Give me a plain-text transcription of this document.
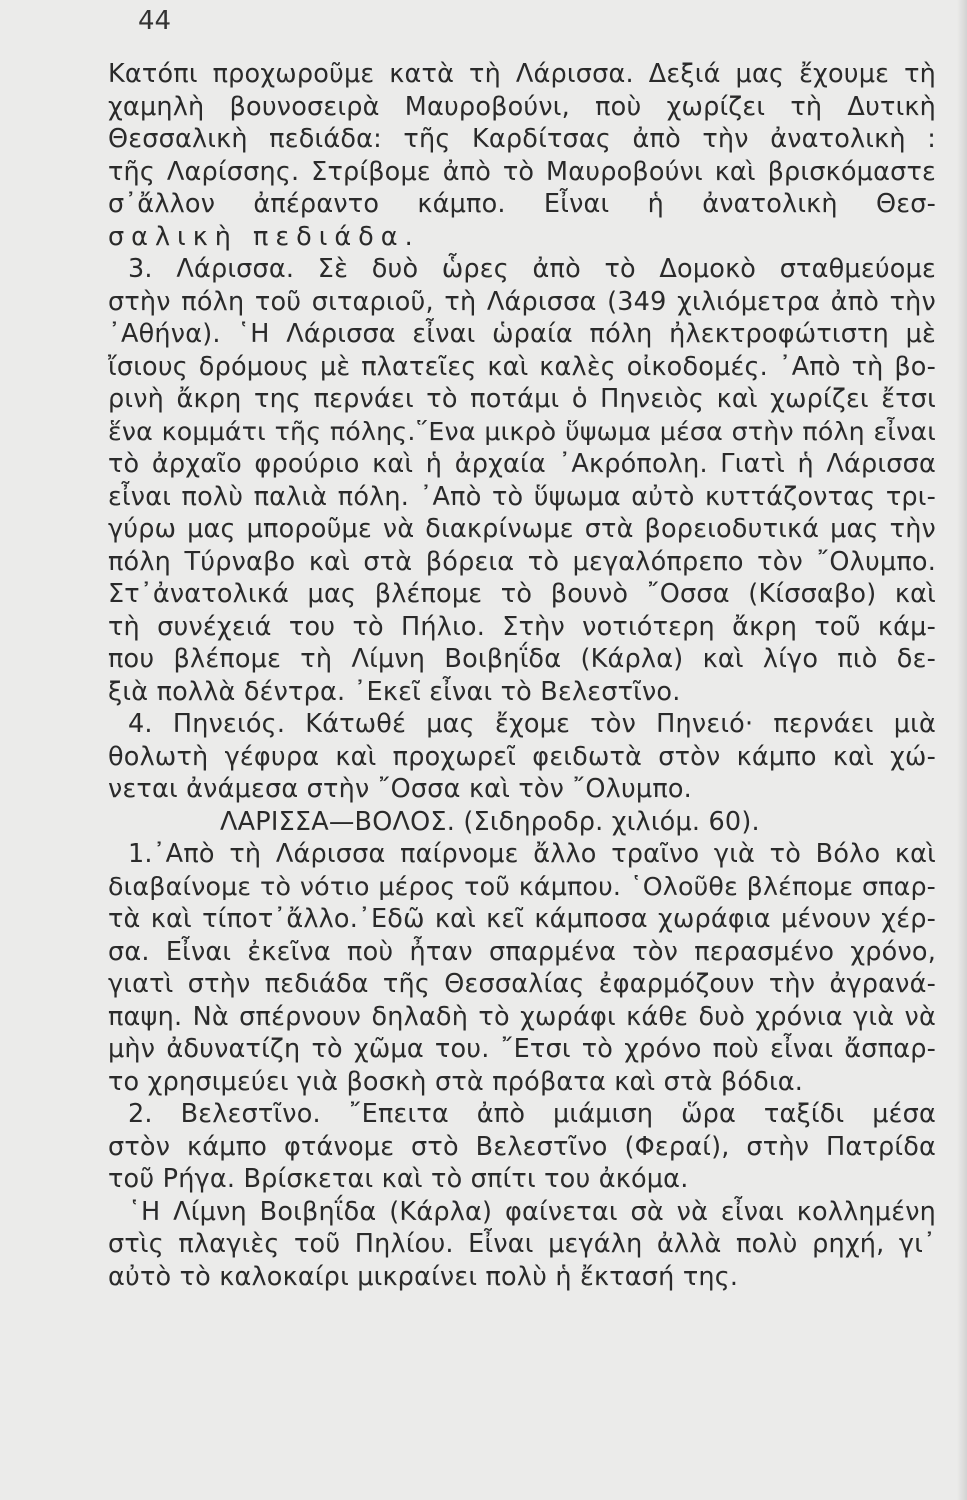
44
Κατόπι προχωροῦμε κατὰ τὴ Λάρισσα. Δεξιά μας ἔχουμε τὴ
χαμηλὴ βουνοσειρὰ Μαυροβούνι, ποὺ χωρίζει τὴ Δυτικὴ
Θεσσαλικὴ πεδιάδα: τῆς Καρδίτσας ἀπὸ τὴν ἀνατολικὴ :
τῆς Λαρίσσης. Στρίβομε ἀπὸ τὸ Μαυροβούνι καὶ βρισκόμαστε
σ᾽ἄλλον ἀπέραντο κάμπο. Εἶναι ἡ ἀνατολικὴ Θεσ-
σαλικὴ πεδιάδα.
3. Λάρισσα. Σὲ δυὸ ὧρες ἀπὸ τὸ Δομοκὸ σταθμεύομε
στὴν πόλη τοῦ σιταριοῦ, τὴ Λάρισσα (349 χιλιόμετρα ἀπὸ τὴν
᾽Αθήνα). ῾Η Λάρισσα εἶναι ὡραία πόλη ἠλεκτροφώτιστη μὲ
ἴσιους δρόμους μὲ πλατεῖες καὶ καλὲς οἰκοδομές. ᾽Απὸ τὴ βο-
ρινὴ ἄκρη της περνάει τὸ ποτάμι ὁ Πηνειὸς καὶ χωρίζει ἔτσι
ἕνα κομμάτι τῆς πόλης.῞Ενα μικρὸ ὕψωμα μέσα στὴν πόλη εἶναι
τὸ ἀρχαῖο φρούριο καὶ ἡ ἀρχαία ᾽Ακρόπολη. Γιατὶ ἡ Λάρισσα
εἶναι πολὺ παλιὰ πόλη. ᾽Απὸ τὸ ὕψωμα αὐτὸ κυττάζοντας τρι-
γύρω μας μποροῦμε νὰ διακρίνωμε στὰ βορειοδυτικά μας τὴν
πόλη Τύρναβο καὶ στὰ βόρεια τὸ μεγαλόπρεπο τὸν ῎Ολυμπο.
Στ᾽ἀνατολικά μας βλέπομε τὸ βουνὸ ῎Οσσα (Κίσσαβο) καὶ
τὴ συνέχειά του τὸ Πήλιο. Στὴν νοτιότερη ἄκρη τοῦ κάμ-
που βλέπομε τὴ Λίμνη Βοιβηΐδα (Κάρλα) καὶ λίγο πιὸ δε-
ξιὰ πολλὰ δέντρα. ᾽Εκεῖ εἶναι τὸ Βελεστῖνο.
4. Πηνειός. Κάτωθέ μας ἔχομε τὸν Πηνειό· περνάει μιὰ
θολωτὴ γέφυρα καὶ προχωρεῖ φειδωτὰ στὸν κάμπο καὶ χώ-
νεται ἀνάμεσα στὴν ῎Οσσα καὶ τὸν ῎Ολυμπο.
ΛΑΡΙΣΣΑ—ΒΟΛΟΣ. (Σιδηροδρ. χιλιόμ. 60).
1.᾽Απὸ τὴ Λάρισσα παίρνομε ἄλλο τραῖνο γιὰ τὸ Βόλο καὶ
διαβαίνομε τὸ νότιο μέρος τοῦ κάμπου. ῾Ολοῦθε βλέπομε σπαρ-
τὰ καὶ τίποτ᾽ἄλλο.᾽Εδῶ καὶ κεῖ κάμποσα χωράφια μένουν χέρ-
σα. Εἶναι ἐκεῖνα ποὺ ἦταν σπαρμένα τὸν περασμένο χρόνο,
γιατὶ στὴν πεδιάδα τῆς Θεσσαλίας ἐφαρμόζουν τὴν ἀγρανά-
παψη. Νὰ σπέρνουν δηλαδὴ τὸ χωράφι κάθε δυὸ χρόνια γιὰ νὰ
μὴν ἀδυνατίζη τὸ χῶμα του. ῎Ετσι τὸ χρόνο ποὺ εἶναι ἄσπαρ-
το χρησιμεύει γιὰ βοσκὴ στὰ πρόβατα καὶ στὰ βόδια.
2. Βελεστῖνο. ῎Επειτα ἀπὸ μιάμιση ὥρα ταξίδι μέσα
στὸν κάμπο φτάνομε στὸ Βελεστῖνο (Φεραί), στὴν Πατρίδα
τοῦ Ρήγα. Βρίσκεται καὶ τὸ σπίτι του ἀκόμα.
῾Η Λίμνη Βοιβηΐδα (Κάρλα) φαίνεται σὰ νὰ εἶναι κολλημένη
στὶς πλαγιὲς τοῦ Πηλίου. Εἶναι μεγάλη ἀλλὰ πολὺ ρηχή, γι᾽
αὐτὸ τὸ καλοκαίρι μικραίνει πολὺ ἡ ἔκτασή της.
